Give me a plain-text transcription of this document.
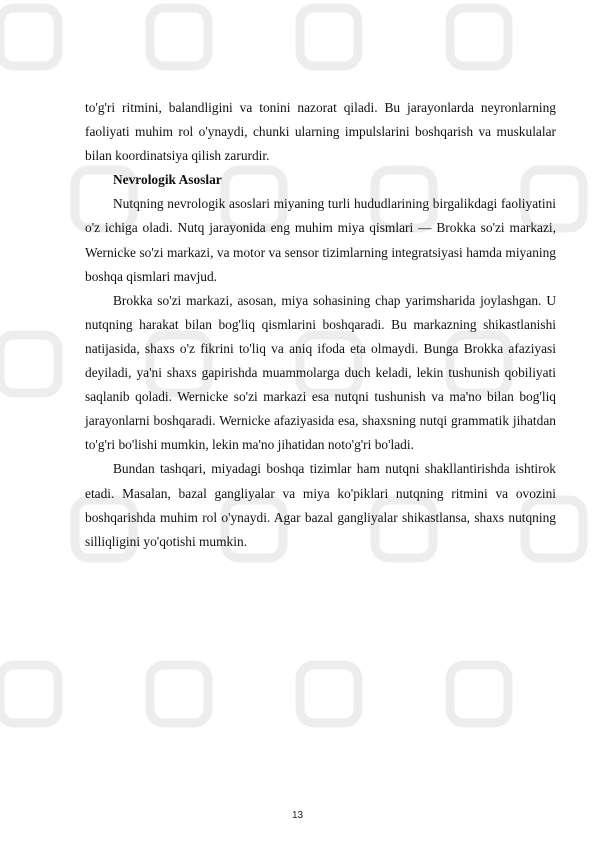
to'g'ri ritmini, balandligini va tonini nazorat qiladi. Bu jarayonlarda neyronlarning faoliyati muhim rol o'ynaydi, chunki ularning impulslarini boshqarish va muskulalar bilan koordinatsiya qilish zarurdir.

Nevrologik Asoslar

Nutqning nevrologik asoslari miyaning turli hududlarining birgalikdagi faoliyatini o'z ichiga oladi. Nutq jarayonida eng muhim miya qismlari — Brokka so'zi markazi, Wernicke so'zi markazi, va motor va sensor tizimlarning integratsiyasi hamda miyaning boshqa qismlari mavjud.

Brokka so'zi markazi, asosan, miya sohasining chap yarimsharida joylashgan. U nutqning harakat bilan bog'liq qismlarini boshqaradi. Bu markazning shikastlanishi natijasida, shaxs o'z fikrini to'liq va aniq ifoda eta olmaydi. Bunga Brokka afaziyasi deyiladi, ya'ni shaxs gapirishda muammolarga duch keladi, lekin tushunish qobiliyati saqlanib qoladi. Wernicke so'zi markazi esa nutqni tushunish va ma'no bilan bog'liq jarayonlarni boshqaradi. Wernicke afaziyasida esa, shaxsning nutqi grammatik jihatdan to'g'ri bo'lishi mumkin, lekin ma'no jihatidan noto'g'ri bo'ladi.

Bundan tashqari, miyadagi boshqa tizimlar ham nutqni shakllantirishda ishtirok etadi. Masalan, bazal gangliyalar va miya ko'piklari nutqning ritmini va ovozini boshqarishda muhim rol o'ynaydi. Agar bazal gangliyalar shikastlansa, shaxs nutqning silliqligini yo'qotishi mumkin.

13
